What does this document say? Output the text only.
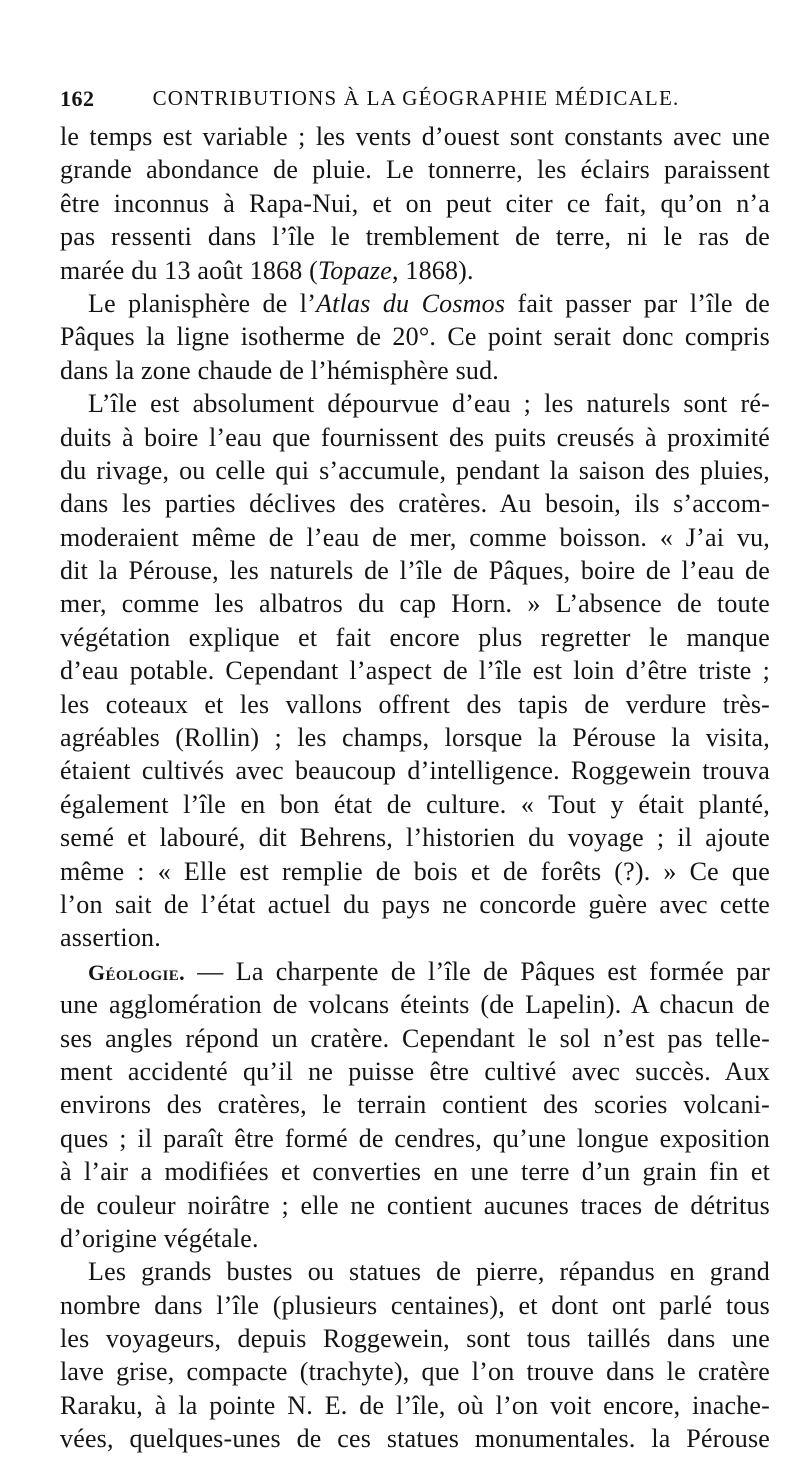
162	CONTRIBUTIONS À LA GÉOGRAPHIE MÉDICALE.
le temps est variable ; les vents d’ouest sont constants avec une
grande abondance de pluie. Le tonnerre, les éclairs paraissent
être inconnus à Rapa-Nui, et on peut citer ce fait, qu’on n’a
pas ressenti dans l’île le tremblement de terre, ni le ras de
marée du 13 août 1868 (Topaze, 1868).
Le planisphère de l’Atlas du Cosmos fait passer par l’île de
Pâques la ligne isotherme de 20°. Ce point serait donc compris
dans la zone chaude de l’hémisphère sud.
L’île est absolument dépourvue d’eau ; les naturels sont ré-
duits à boire l’eau que fournissent des puits creusés à proximité
du rivage, ou celle qui s’accumule, pendant la saison des pluies,
dans les parties déclives des cratères. Au besoin, ils s’accom-
moderaient même de l’eau de mer, comme boisson. « J’ai vu,
dit la Pérouse, les naturels de l’île de Pâques, boire de l’eau de
mer, comme les albatros du cap Horn. » L’absence de toute
végétation explique et fait encore plus regretter le manque
d’eau potable. Cependant l’aspect de l’île est loin d’être triste ;
les coteaux et les vallons offrent des tapis de verdure très-
agréables (Rollin) ; les champs, lorsque la Pérouse la visita,
étaient cultivés avec beaucoup d’intelligence. Roggewein trouva
également l’île en bon état de culture. « Tout y était planté,
semé et labouré, dit Behrens, l’historien du voyage ; il ajoute
même : « Elle est remplie de bois et de forêts (?). » Ce que
l’on sait de l’état actuel du pays ne concorde guère avec cette
assertion.
Géologie. — La charpente de l’île de Pâques est formée par
une agglomération de volcans éteints (de Lapelin). A chacun de
ses angles répond un cratère. Cependant le sol n’est pas telle-
ment accidenté qu’il ne puisse être cultivé avec succès. Aux
environs des cratères, le terrain contient des scories volcani-
ques ; il paraît être formé de cendres, qu’une longue exposition
à l’air a modifiées et converties en une terre d’un grain fin et
de couleur noirâtre ; elle ne contient aucunes traces de détritus
d’origine végétale.
Les grands bustes ou statues de pierre, répandus en grand
nombre dans l’île (plusieurs centaines), et dont ont parlé tous
les voyageurs, depuis Roggewein, sont tous taillés dans une
lave grise, compacte (trachyte), que l’on trouve dans le cratère
Raraku, à la pointe N. E. de l’île, où l’on voit encore, inache-
vées, quelques-unes de ces statues monumentales. la Pérouse
